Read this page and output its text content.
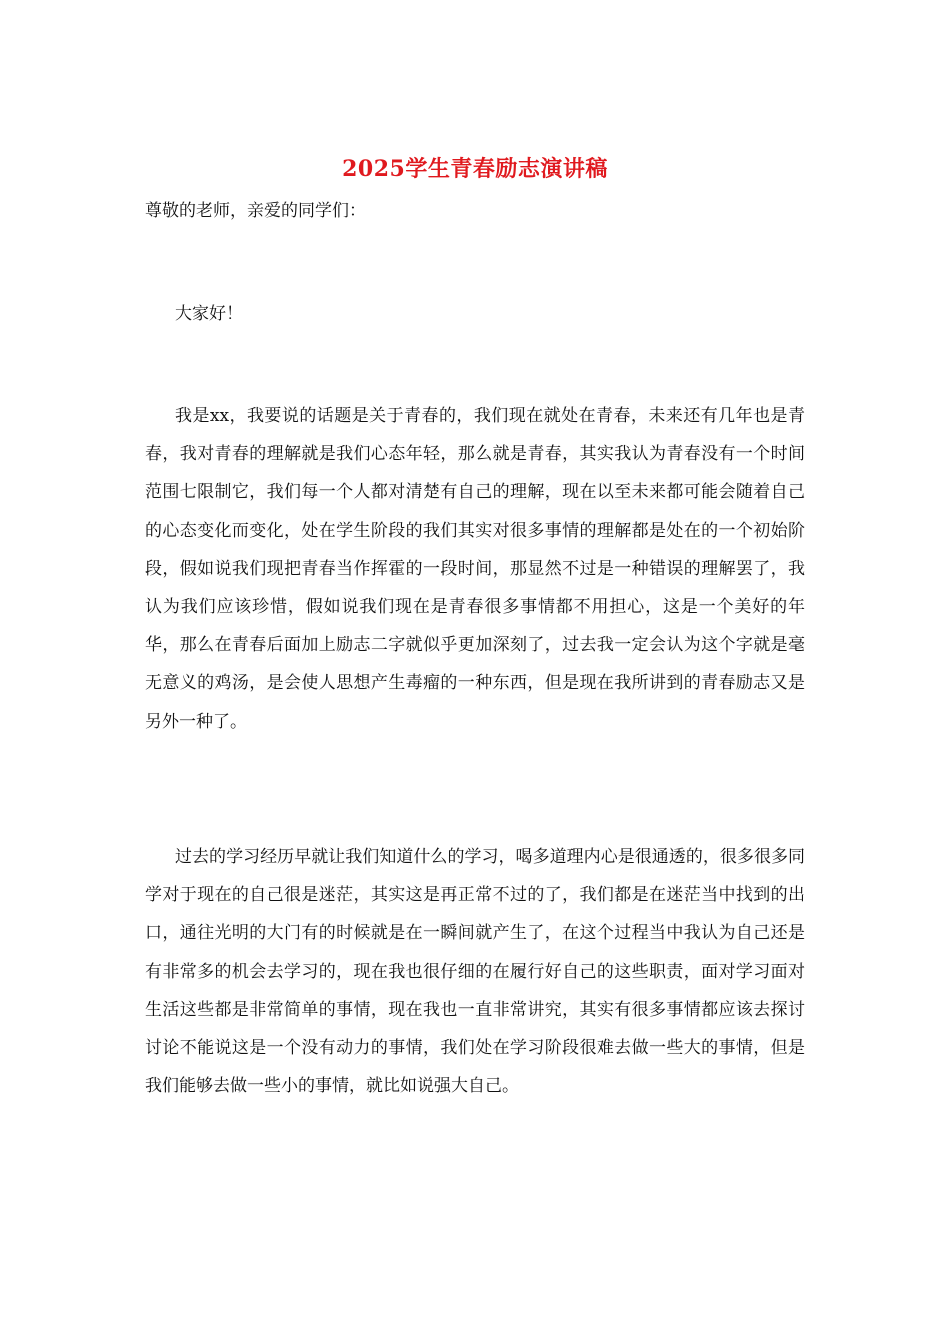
2025学生青春励志演讲稿
尊敬的老师，亲爱的同学们：
大家好！
我是xx，我要说的话题是关于青春的，我们现在就处在青春，未来还有几年也是青春，我对青春的理解就是我们心态年轻，那么就是青春，其实我认为青春没有一个时间范围七限制它，我们每一个人都对清楚有自己的理解，现在以至未来都可能会随着自己的心态变化而变化，处在学生阶段的我们其实对很多事情的理解都是处在的一个初始阶段，假如说我们现把青春当作挥霍的一段时间，那显然不过是一种错误的理解罢了，我认为我们应该珍惜，假如说我们现在是青春很多事情都不用担心，这是一个美好的年华，那么在青春后面加上励志二字就似乎更加深刻了，过去我一定会认为这个字就是毫无意义的鸡汤，是会使人思想产生毒瘤的一种东西，但是现在我所讲到的青春励志又是另外一种了。
过去的学习经历早就让我们知道什么的学习，喝多道理内心是很通透的，很多很多同学对于现在的自己很是迷茫，其实这是再正常不过的了，我们都是在迷茫当中找到的出口，通往光明的大门有的时候就是在一瞬间就产生了，在这个过程当中我认为自己还是有非常多的机会去学习的，现在我也很仔细的在履行好自己的这些职责，面对学习面对生活这些都是非常简单的事情，现在我也一直非常讲究，其实有很多事情都应该去探讨讨论不能说这是一个没有动力的事情，我们处在学习阶段很难去做一些大的事情，但是我们能够去做一些小的事情，就比如说强大自己。
